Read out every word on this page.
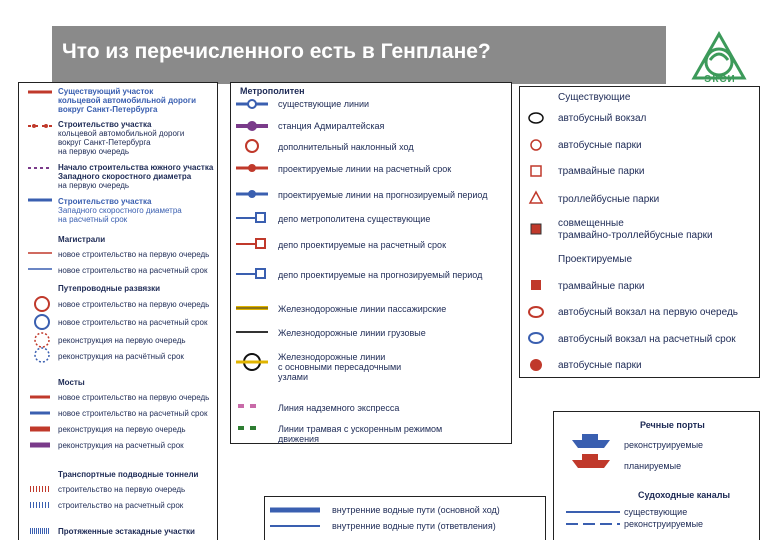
Что из перечисленного есть в Генплане?
ЭКСИ
Существующий участок
кольцевой автомобильной дороги
вокруг Санкт-Петербурга
Строительство участка
кольцевой автомобильной дороги
вокруг Санкт-Петербурга
на первую очередь
Начало строительства южного участка
Западного скоростного диаметра
на первую очередь
Строительство участка
Западного скоростного диаметра
на расчетный срок
Магистрали
новое строительство на первую очередь
новое строительство на расчетный срок
Путепроводные развязки
новое строительство на первую очередь
новое строительство на расчетный срок
реконструкция на первую очередь
реконструкция на расчётный срок
Мосты
новое строительство на первую очередь
новое строительство на расчетный срок
реконструкция на первую очередь
реконструкция на расчетный срок
Транспортные подводные тоннели
строительство на первую очередь
строительство на расчетный срок
Протяженные эстакадные участки
Метрополитен
существующие линии
станция Адмиралтейская
дополнительный наклонный ход
проектируемые линии на расчетный срок
проектируемые линии на прогнозируемый период
депо метрополитена существующие
депо проектируемые на расчетный срок
депо проектируемые на прогнозируемый период
Железнодорожные линии пассажирские
Железнодорожные линии грузовые
Железнодорожные линии
с основными пересадочными
узлами
Линия надземного экспресса
Линии трамвая с ускоренным режимом
движения
Существующие
автобусный вокзал
автобусные парки
трамвайные парки
троллейбусные парки
совмещенные
трамвайно-троллейбусные парки
Проектируемые
трамвайные парки
автобусный вокзал на первую очередь
автобусный вокзал на расчетный срок
автобусные парки
Речные порты
реконструируемые
планируемые
Судоходные каналы
существующие
реконструируемые
внутренние водные пути (основной ход)
внутренние водные пути (ответвления)
